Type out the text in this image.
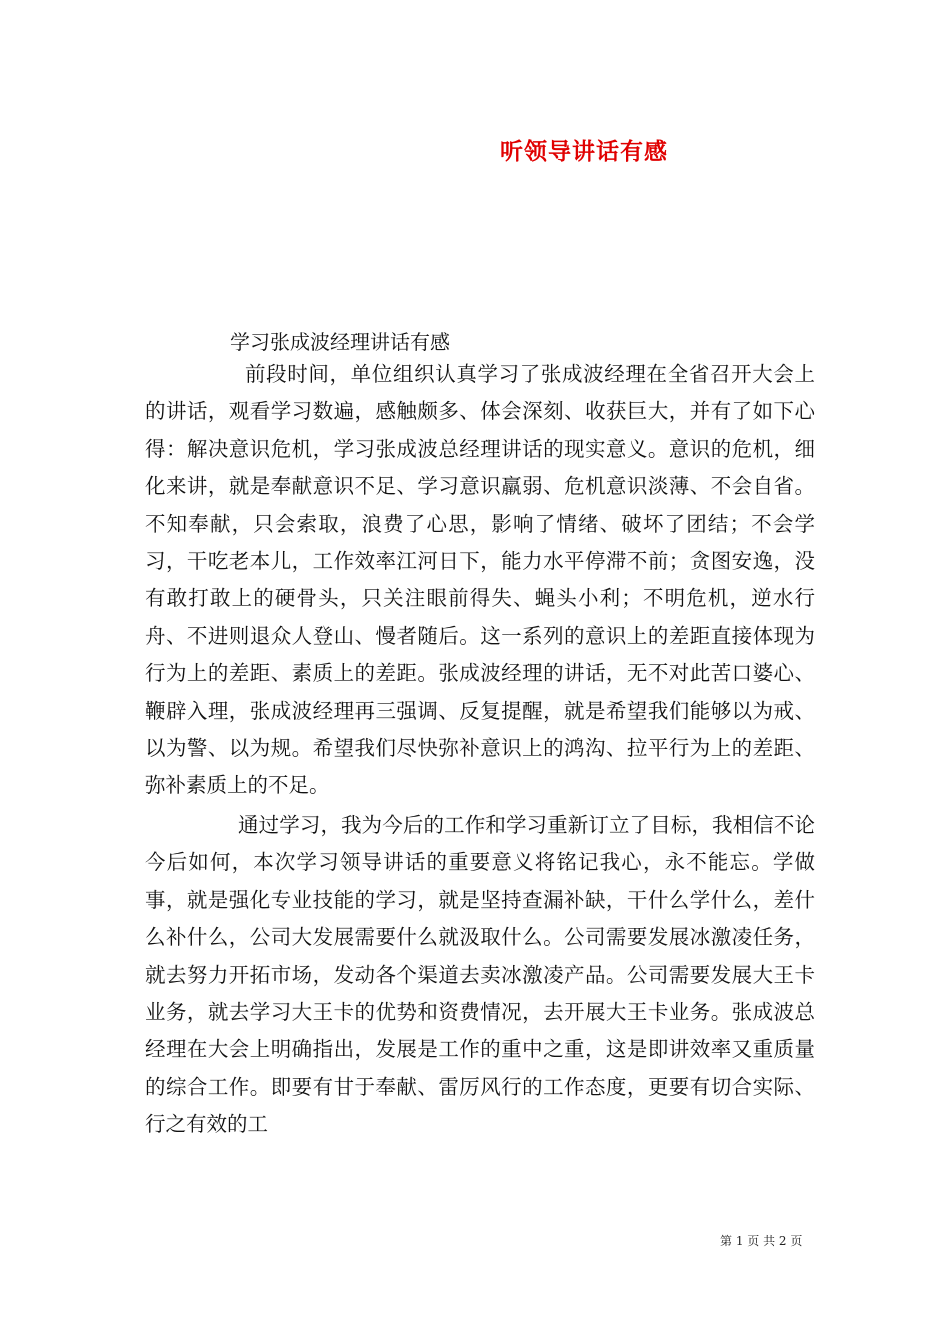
听领导讲话有感

学习张成波经理讲话有感

前段时间，单位组织认真学习了张成波经理在全省召开大会上的讲话，观看学习数遍，感触颇多、体会深刻、收获巨大，并有了如下心得：解决意识危机，学习张成波总经理讲话的现实意义。意识的危机，细化来讲，就是奉献意识不足、学习意识羸弱、危机意识淡薄、不会自省。不知奉献，只会索取，浪费了心思，影响了情绪、破坏了团结；不会学习，干吃老本儿，工作效率江河日下，能力水平停滞不前；贪图安逸，没有敢打敢上的硬骨头，只关注眼前得失、蝇头小利；不明危机，逆水行舟、不进则退众人登山、慢者随后。这一系列的意识上的差距直接体现为行为上的差距、素质上的差距。张成波经理的讲话，无不对此苦口婆心、鞭辟入理，张成波经理再三强调、反复提醒，就是希望我们能够以为戒、以为警、以为规。希望我们尽快弥补意识上的鸿沟、拉平行为上的差距、弥补素质上的不足。

通过学习，我为今后的工作和学习重新订立了目标，我相信不论今后如何，本次学习领导讲话的重要意义将铭记我心，永不能忘。学做事，就是强化专业技能的学习，就是坚持查漏补缺，干什么学什么，差什么补什么，公司大发展需要什么就汲取什么。公司需要发展冰激凌任务，就去努力开拓市场，发动各个渠道去卖冰激凌产品。公司需要发展大王卡业务，就去学习大王卡的优势和资费情况，去开展大王卡业务。张成波总经理在大会上明确指出，发展是工作的重中之重，这是即讲效率又重质量的综合工作。即要有甘于奉献、雷厉风行的工作态度，更要有切合实际、行之有效的工

第 1 页 共 2 页
